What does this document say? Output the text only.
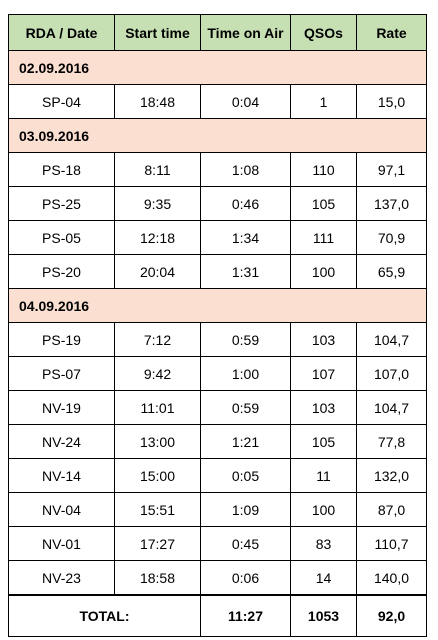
RDA / Date	Start time	Time on Air	QSOs	Rate
02.09.2016				
SP-04	18:48	0:04	1	15,0
03.09.2016				
PS-18	8:11	1:08	110	97,1
PS-25	9:35	0:46	105	137,0
PS-05	12:18	1:34	111	70,9
PS-20	20:04	1:31	100	65,9
04.09.2016				
PS-19	7:12	0:59	103	104,7
PS-07	9:42	1:00	107	107,0
NV-19	11:01	0:59	103	104,7
NV-24	13:00	1:21	105	77,8
NV-14	15:00	0:05	11	132,0
NV-04	15:51	1:09	100	87,0
NV-01	17:27	0:45	83	110,7
NV-23	18:58	0:06	14	140,0
TOTAL:		11:27	1053	92,0
